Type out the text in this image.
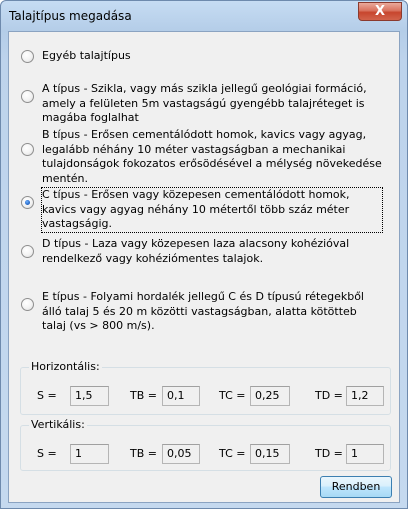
Talajtípus megadása	X
Egyéb talajtípus
A típus - Szikla, vagy más szikla jellegű geológiai formáció, amely a felületen 5m vastagságú gyengébb talajréteget is magába foglalhat
B típus - Erősen cementálódott homok, kavics vagy agyag, legalább néhány 10 méter vastagságban a mechanikai tulajdonságok fokozatos erősödésével a mélység növekedése mentén.
C típus - Erősen vagy közepesen cementálódott homok, kavics vagy agyag néhány 10 métertől több száz méter vastagságig.
D típus - Laza vagy közepesen laza alacsony kohézióval rendelkező vagy kohéziómentes talajok.
E típus - Folyami hordalék jellegű C és D típusú rétegekből álló talaj 5 és 20 m közötti vastagságban, alatta kötötteb talaj (vs > 800 m/s).
Horizontális:
S =	1,5	TB = 0,1	TC = 0,25	TD = 1,2
Vertikális:
S =	1	TB = 0,05	TC = 0,15	TD = 1
Rendben
